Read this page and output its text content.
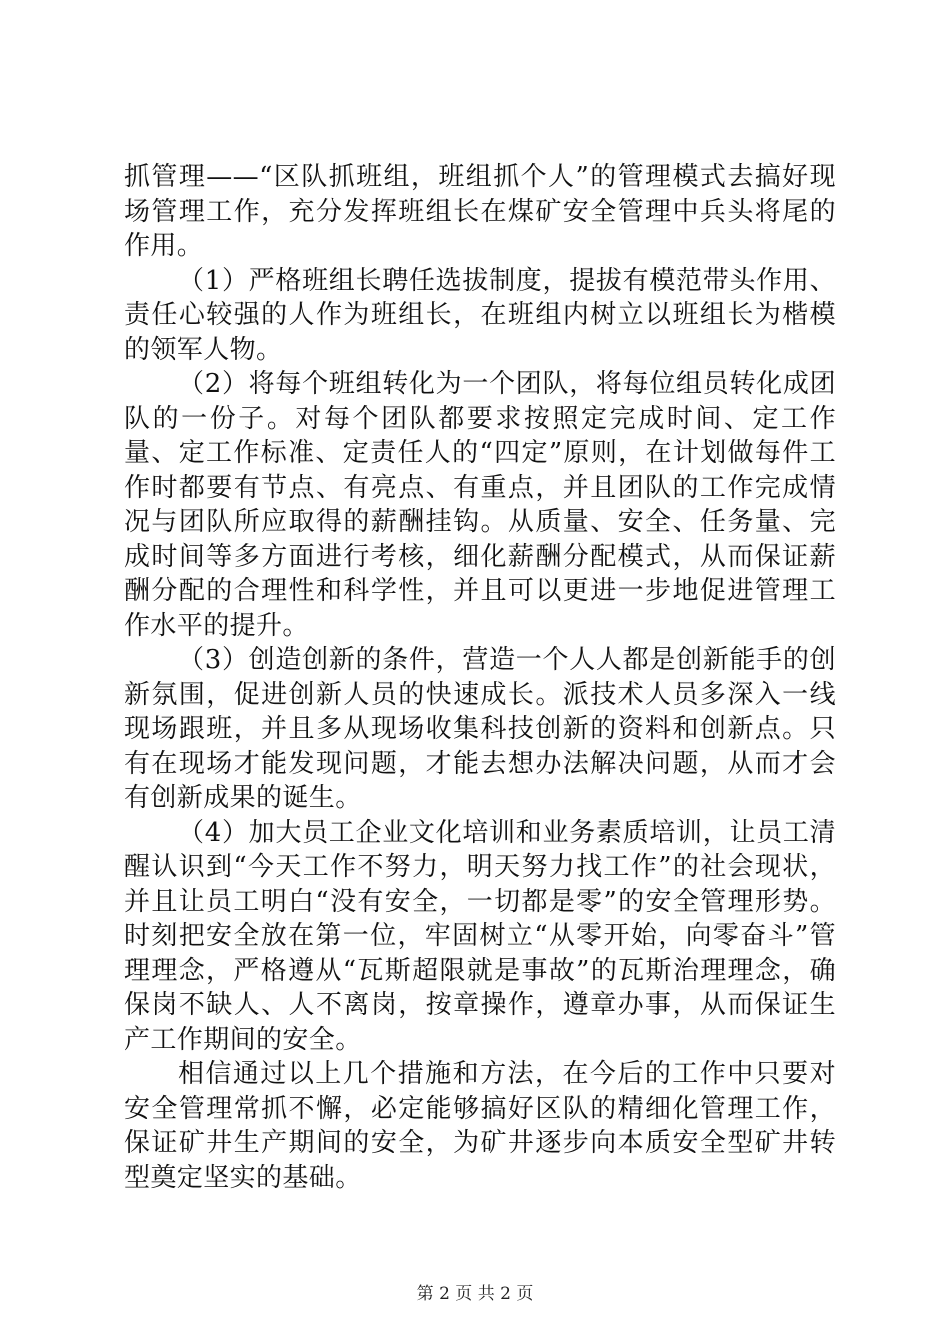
抓管理——“区队抓班组，班组抓个人”的管理模式去搞好现场管理工作，充分发挥班组长在煤矿安全管理中兵头将尾的作用。

（1）严格班组长聘任选拔制度，提拔有模范带头作用、责任心较强的人作为班组长，在班组内树立以班组长为楷模的领军人物。

（2）将每个班组转化为一个团队，将每位组员转化成团队的一份子。对每个团队都要求按照定完成时间、定工作量、定工作标准、定责任人的“四定”原则，在计划做每件工作时都要有节点、有亮点、有重点，并且团队的工作完成情况与团队所应取得的薪酬挂钩。从质量、安全、任务量、完成时间等多方面进行考核，细化薪酬分配模式，从而保证薪酬分配的合理性和科学性，并且可以更进一步地促进管理工作水平的提升。

（3）创造创新的条件，营造一个人人都是创新能手的创新氛围，促进创新人员的快速成长。派技术人员多深入一线现场跟班，并且多从现场收集科技创新的资料和创新点。只有在现场才能发现问题，才能去想办法解决问题，从而才会有创新成果的诞生。

（4）加大员工企业文化培训和业务素质培训，让员工清醒认识到“今天工作不努力，明天努力找工作”的社会现状，并且让员工明白“没有安全，一切都是零”的安全管理形势。时刻把安全放在第一位，牢固树立“从零开始，向零奋斗”管理理念，严格遵从“瓦斯超限就是事故”的瓦斯治理理念，确保岗不缺人、人不离岗，按章操作，遵章办事，从而保证生产工作期间的安全。

相信通过以上几个措施和方法，在今后的工作中只要对安全管理常抓不懈，必定能够搞好区队的精细化管理工作，保证矿井生产期间的安全，为矿井逐步向本质安全型矿井转型奠定坚实的基础。

第 2 页 共 2 页
